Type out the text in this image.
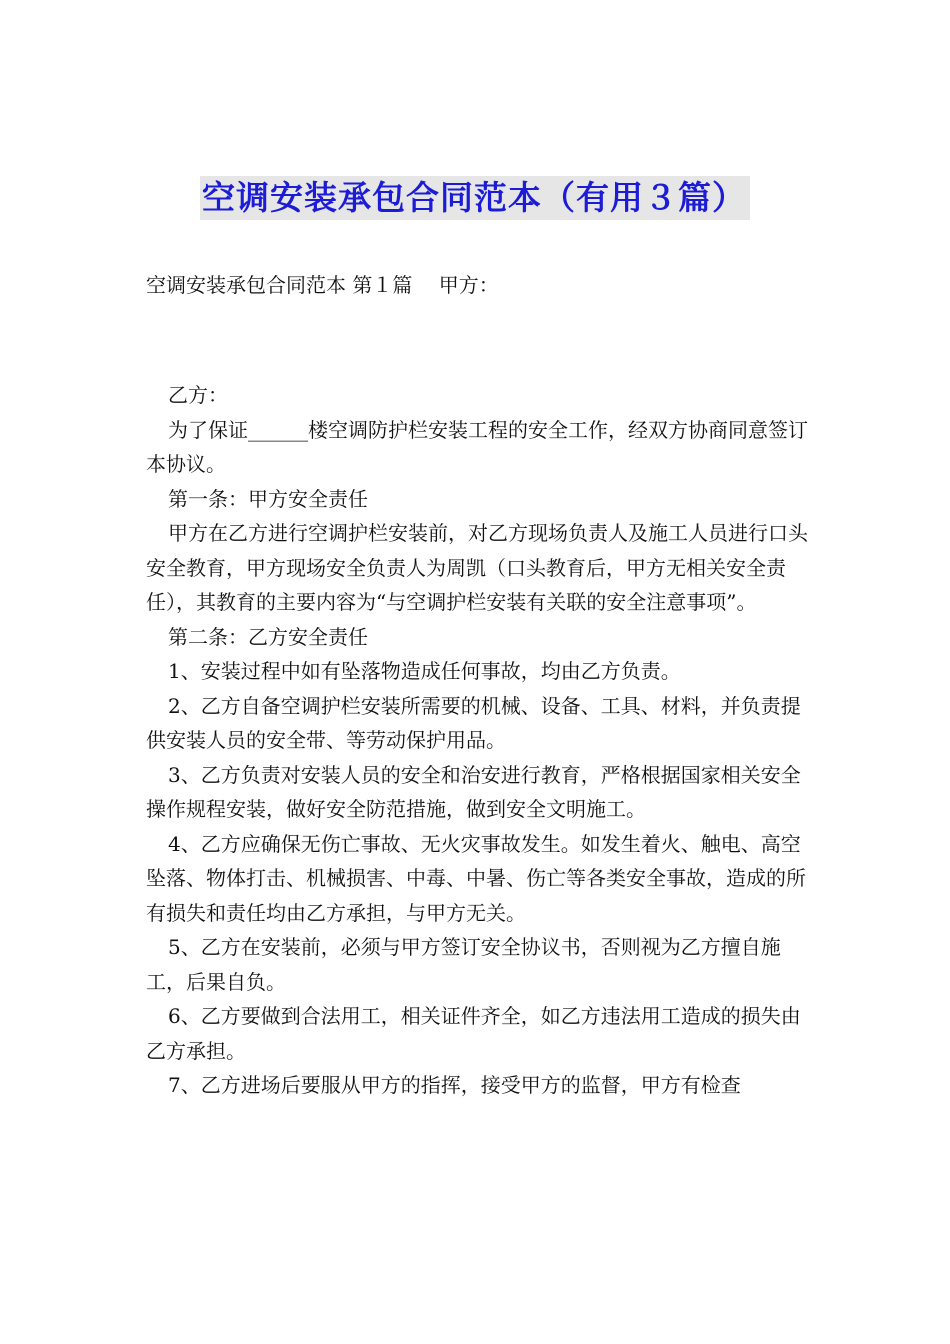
空调安装承包合同范本（有用３篇）
空调安装承包合同范本 第１篇　 甲方：

乙方：

为了保证______楼空调防护栏安装工程的安全工作，经双方协商同意签订本协议。

第一条：甲方安全责任

甲方在乙方进行空调护栏安装前，对乙方现场负责人及施工人员进行口头安全教育，甲方现场安全负责人为周凯（口头教育后，甲方无相关安全责任），其教育的主要内容为“与空调护栏安装有关联的安全注意事项”。

第二条：乙方安全责任

1、安装过程中如有坠落物造成任何事故，均由乙方负责。

2、乙方自备空调护栏安装所需要的机械、设备、工具、材料，并负责提供安装人员的安全带、等劳动保护用品。

3、乙方负责对安装人员的安全和治安进行教育，严格根据国家相关安全操作规程安装，做好安全防范措施，做到安全文明施工。

4、乙方应确保无伤亡事故、无火灾事故发生。如发生着火、触电、高空坠落、物体打击、机械损害、中毒、中暑、伤亡等各类安全事故，造成的所有损失和责任均由乙方承担，与甲方无关。

5、乙方在安装前，必须与甲方签订安全协议书，否则视为乙方擅自施工，后果自负。

6、乙方要做到合法用工，相关证件齐全，如乙方违法用工造成的损失由乙方承担。

7、乙方进场后要服从甲方的指挥，接受甲方的监督，甲方有检查
